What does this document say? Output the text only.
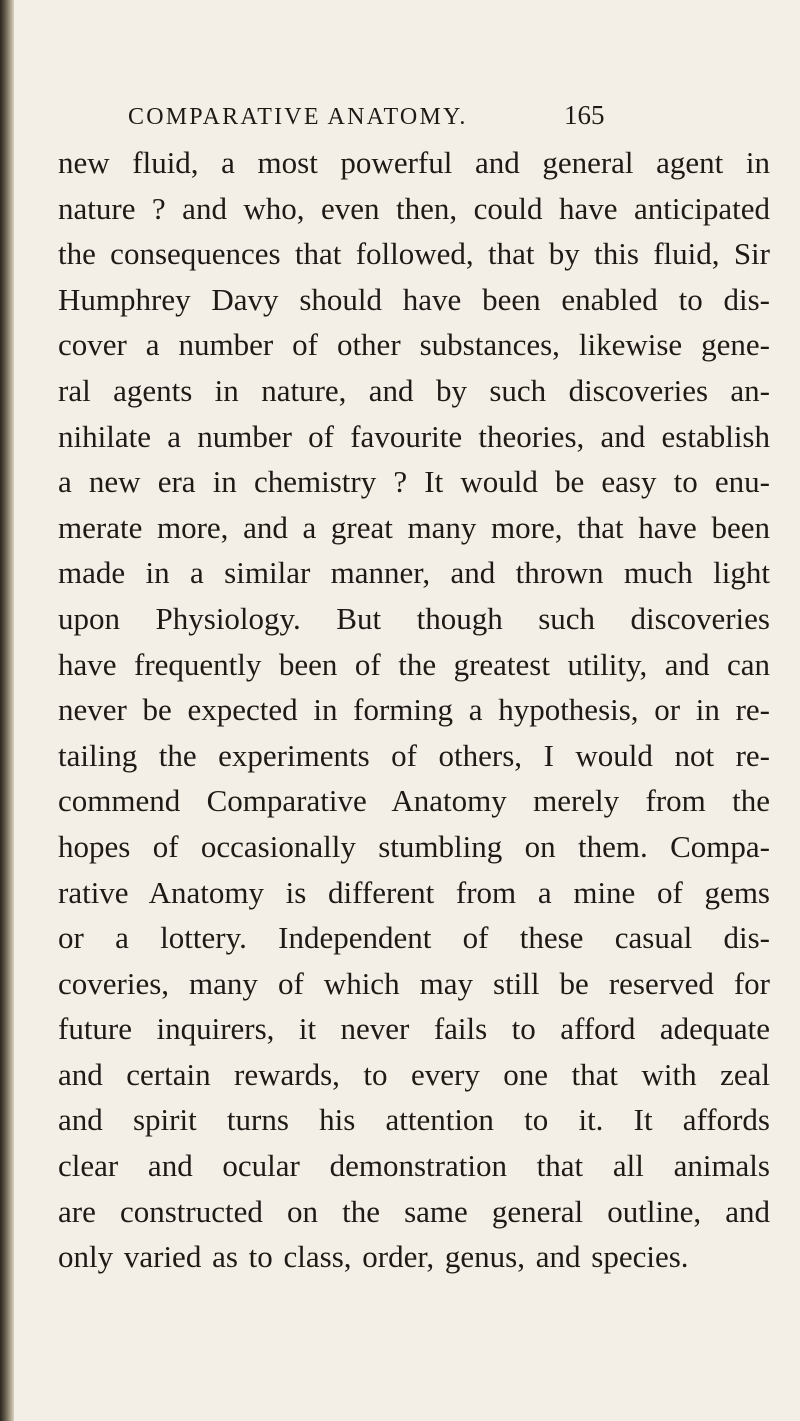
COMPARATIVE ANATOMY.	165
new fluid, a most powerful and general agent in
nature ? and who, even then, could have anticipated
the consequences that followed, that by this fluid, Sir
Humphrey Davy should have been enabled to dis-
cover a number of other substances, likewise gene-
ral agents in nature, and by such discoveries an-
nihilate a number of favourite theories, and establish
a new era in chemistry ? It would be easy to enu-
merate more, and a great many more, that have been
made in a similar manner, and thrown much light
upon Physiology. But though such discoveries
have frequently been of the greatest utility, and can
never be expected in forming a hypothesis, or in re-
tailing the experiments of others, I would not re-
commend Comparative Anatomy merely from the
hopes of occasionally stumbling on them. Compa-
rative Anatomy is different from a mine of gems
or a lottery. Independent of these casual dis-
coveries, many of which may still be reserved for
future inquirers, it never fails to afford adequate
and certain rewards, to every one that with zeal
and spirit turns his attention to it. It affords
clear and ocular demonstration that all animals
are constructed on the same general outline, and
only varied as to class, order, genus, and species.
